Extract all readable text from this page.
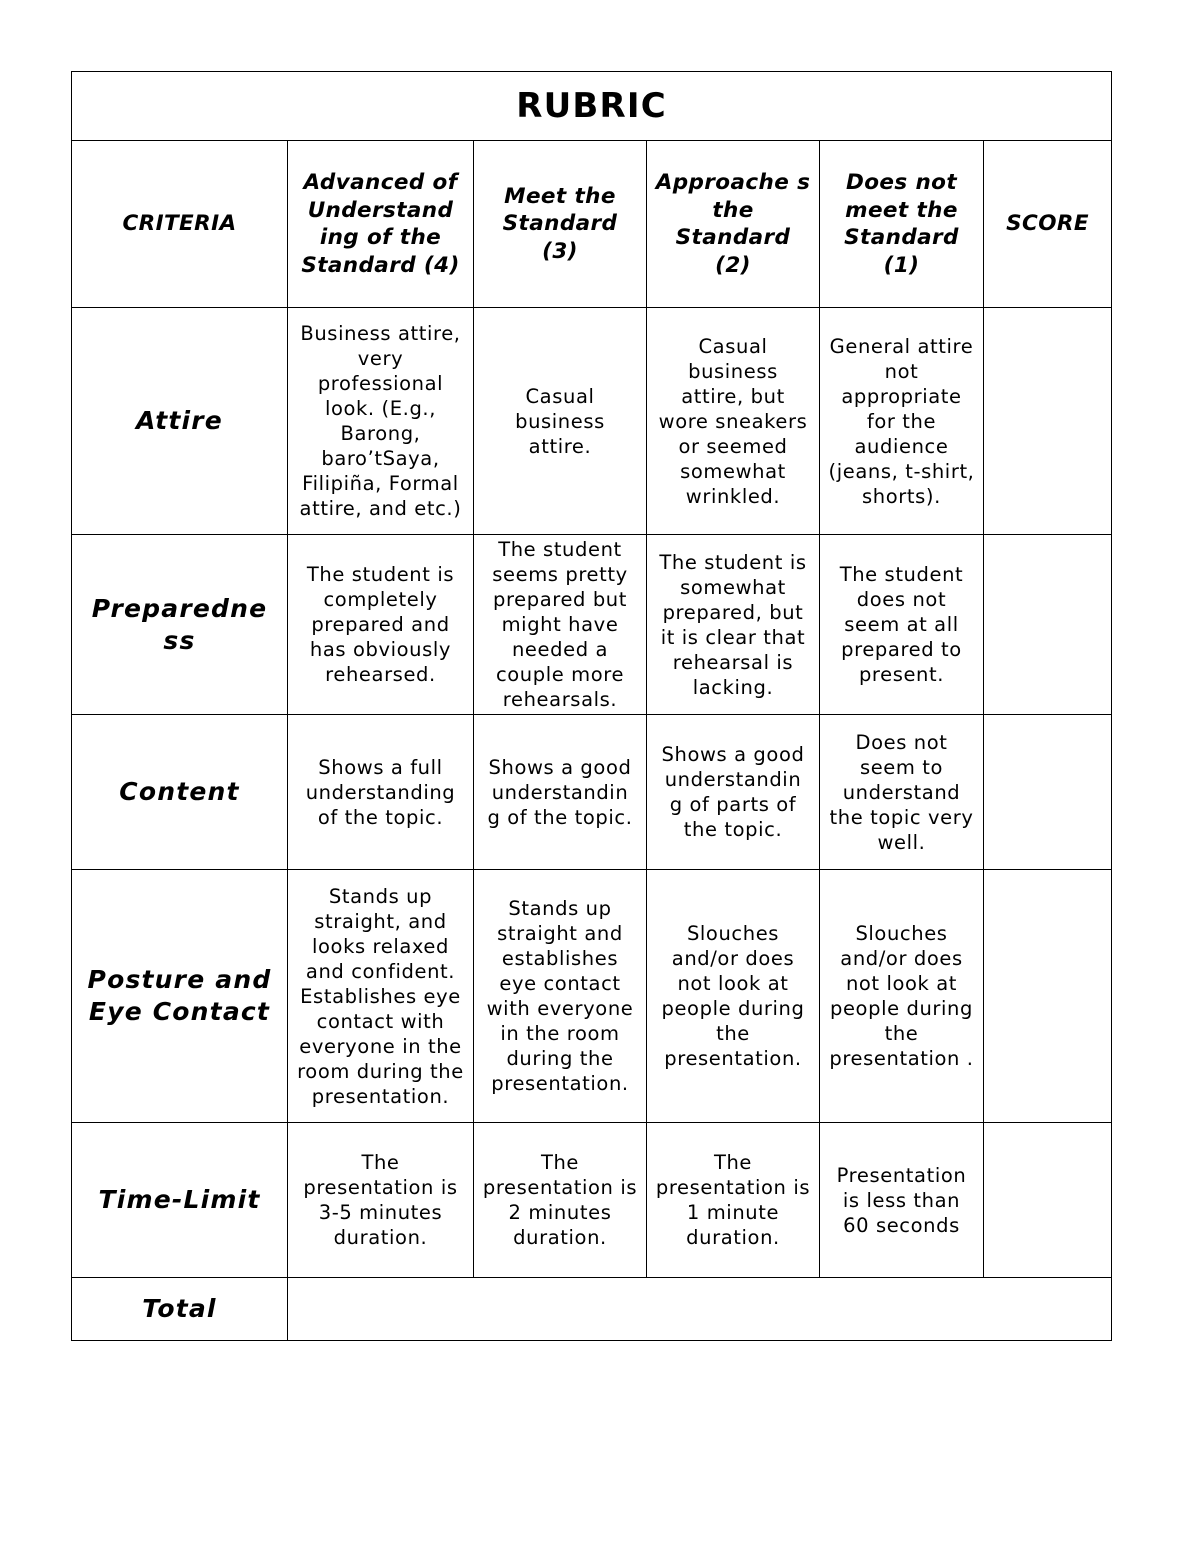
RUBRIC					
CRITERIA	Advanced of Understand ing of the Standard (4)	Meet the Standard (3)	Approache s the Standard (2)	Does not meet the Standard (1)	SCORE
Attire	Business attire, very professional look. (E.g., Barong, baro’tSaya, Filipiña, Formal attire, and etc.)	Casual business attire.	Casual business attire, but wore sneakers or seemed somewhat wrinkled.	General attire not appropriate for the audience (jeans, t-shirt, shorts).	
Preparedne ss	The student is completely prepared and has obviously rehearsed.	The student seems pretty prepared but might have needed a couple more rehearsals.	The student is somewhat prepared, but it is clear that rehearsal is lacking.	The student does not seem at all prepared to present.	
Content	Shows a full understanding of the topic.	Shows a good understandin g of the topic.	Shows a good understandin g of parts of the topic.	Does not seem to understand the topic very well.	
Posture and Eye Contact	Stands up straight, and looks relaxed and confident. Establishes eye contact with everyone in the room during the presentation.	Stands up straight and establishes eye contact with everyone in the room during the presentation.	Slouches and/or does not look at people during the presentation.	Slouches and/or does not look at people during the presentation .	
Time-Limit	The presentation is 3-5 minutes duration.	The presentation is 2 minutes duration.	The presentation is 1 minute duration.	Presentation is less than 60 seconds	
Total					
